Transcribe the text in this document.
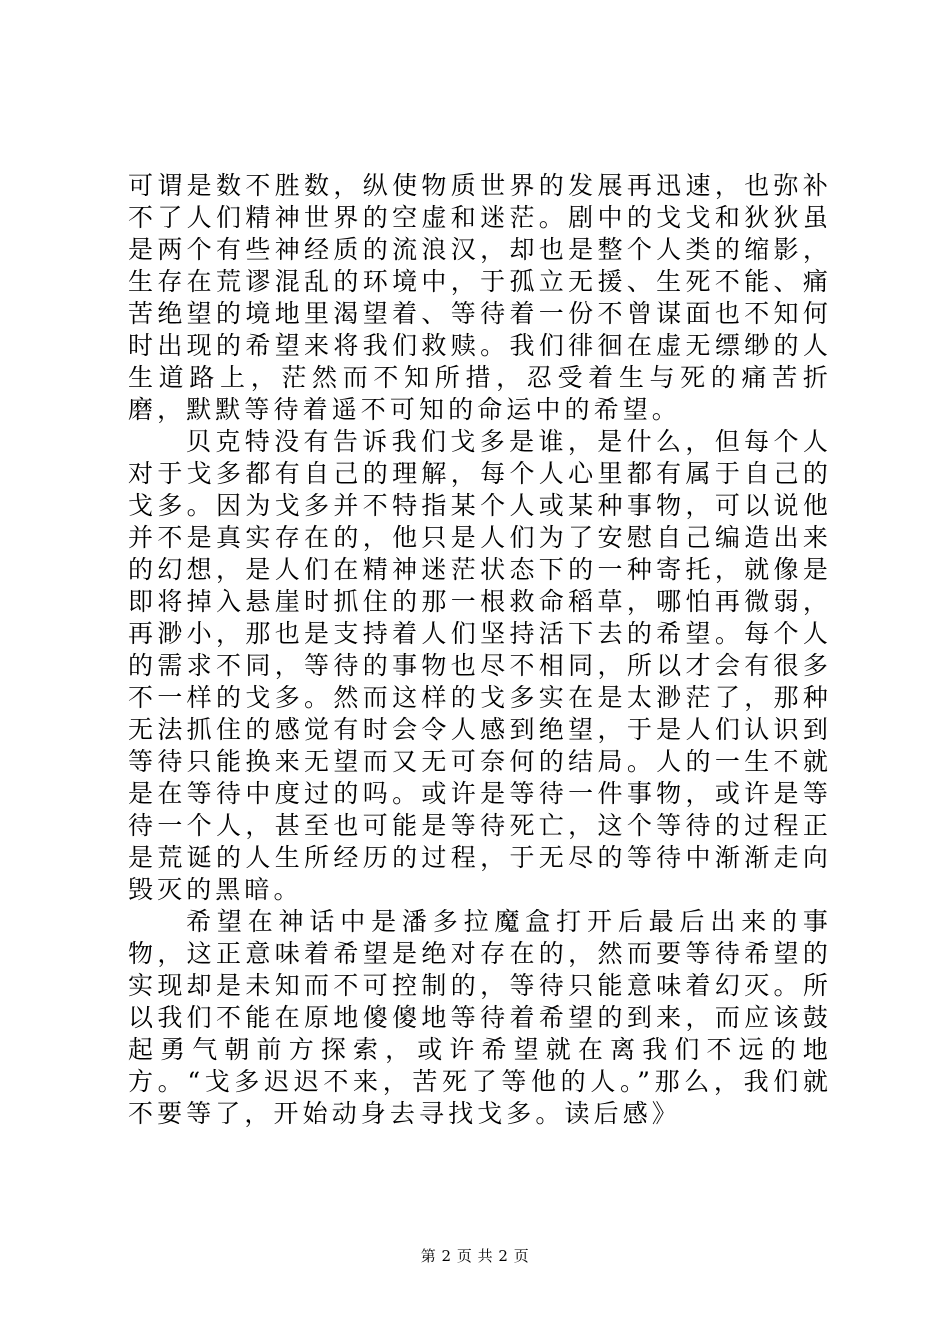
可谓是数不胜数，纵使物质世界的发展再迅速，也弥补不了人们精神世界的空虚和迷茫。剧中的戈戈和狄狄虽是两个有些神经质的流浪汉，却也是整个人类的缩影，生存在荒谬混乱的环境中，于孤立无援、生死不能、痛苦绝望的境地里渴望着、等待着一份不曾谋面也不知何时出现的希望来将我们救赎。我们徘徊在虚无缥缈的人生道路上，茫然而不知所措，忍受着生与死的痛苦折磨，默默等待着遥不可知的命运中的希望。

贝克特没有告诉我们戈多是谁，是什么，但每个人对于戈多都有自己的理解，每个人心里都有属于自己的戈多。因为戈多并不特指某个人或某种事物，可以说他并不是真实存在的，他只是人们为了安慰自己编造出来的幻想，是人们在精神迷茫状态下的一种寄托，就像是即将掉入悬崖时抓住的那一根救命稻草，哪怕再微弱，再渺小，那也是支持着人们坚持活下去的希望。每个人的需求不同，等待的事物也尽不相同，所以才会有很多不一样的戈多。然而这样的戈多实在是太渺茫了，那种无法抓住的感觉有时会令人感到绝望，于是人们认识到等待只能换来无望而又无可奈何的结局。人的一生不就是在等待中度过的吗。或许是等待一件事物，或许是等待一个人，甚至也可能是等待死亡，这个等待的过程正是荒诞的人生所经历的过程，于无尽的等待中渐渐走向毁灭的黑暗。

希望在神话中是潘多拉魔盒打开后最后出来的事物，这正意味着希望是绝对存在的，然而要等待希望的实现却是未知而不可控制的，等待只能意味着幻灭。所以我们不能在原地傻傻地等待着希望的到来，而应该鼓起勇气朝前方探索，或许希望就在离我们不远的地方。“戈多迟迟不来，苦死了等他的人。”那么，我们就不要等了，开始动身去寻找戈多。读后感》

第 2 页 共 2 页
